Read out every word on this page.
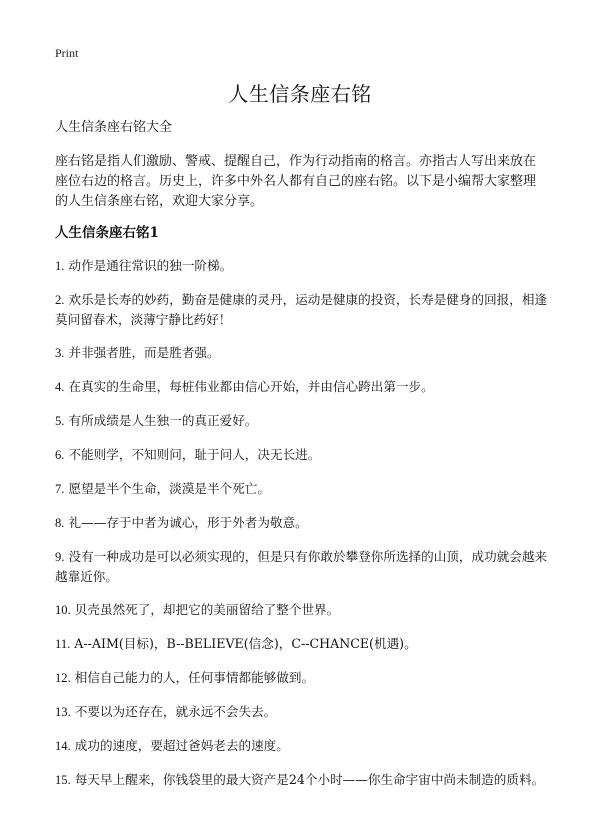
Print
人生信条座右铭

人生信条座右铭大全

座右铭是指人们激励、警戒、提醒自己，作为行动指南的格言。亦指古人写出来放在座位右边的格言。历史上，许多中外名人都有自己的座右铭。以下是小编帮大家整理的人生信条座右铭，欢迎大家分享。

人生信条座右铭1
1. 动作是通往常识的独一阶梯。
2. 欢乐是长寿的妙药，勤奋是健康的灵丹，运动是健康的投资，长寿是健身的回报，相逢莫问留春术，淡薄宁静比药好！
3. 并非强者胜，而是胜者强。
4. 在真实的生命里，每桩伟业都由信心开始，并由信心跨出第一步。
5. 有所成绩是人生独一的真正爱好。
6. 不能则学，不知则问，耻于问人，决无长进。
7. 愿望是半个生命，淡漠是半个死亡。
8. 礼——存于中者为诚心，形于外者为敬意。
9. 没有一种成功是可以必须实现的，但是只有你敢於攀登你所选择的山顶，成功就会越来越靠近你。
10. 贝壳虽然死了，却把它的美丽留给了整个世界。
11. A--AIM(目标)，B--BELIEVE(信念)，C--CHANCE(机遇)。
12. 相信自己能力的人，任何事情都能够做到。
13. 不要以为还存在，就永远不会失去。
14. 成功的速度，要超过爸妈老去的速度。
15. 每天早上醒来，你钱袋里的最大资产是24个小时——你生命宇宙中尚未制造的质料。
